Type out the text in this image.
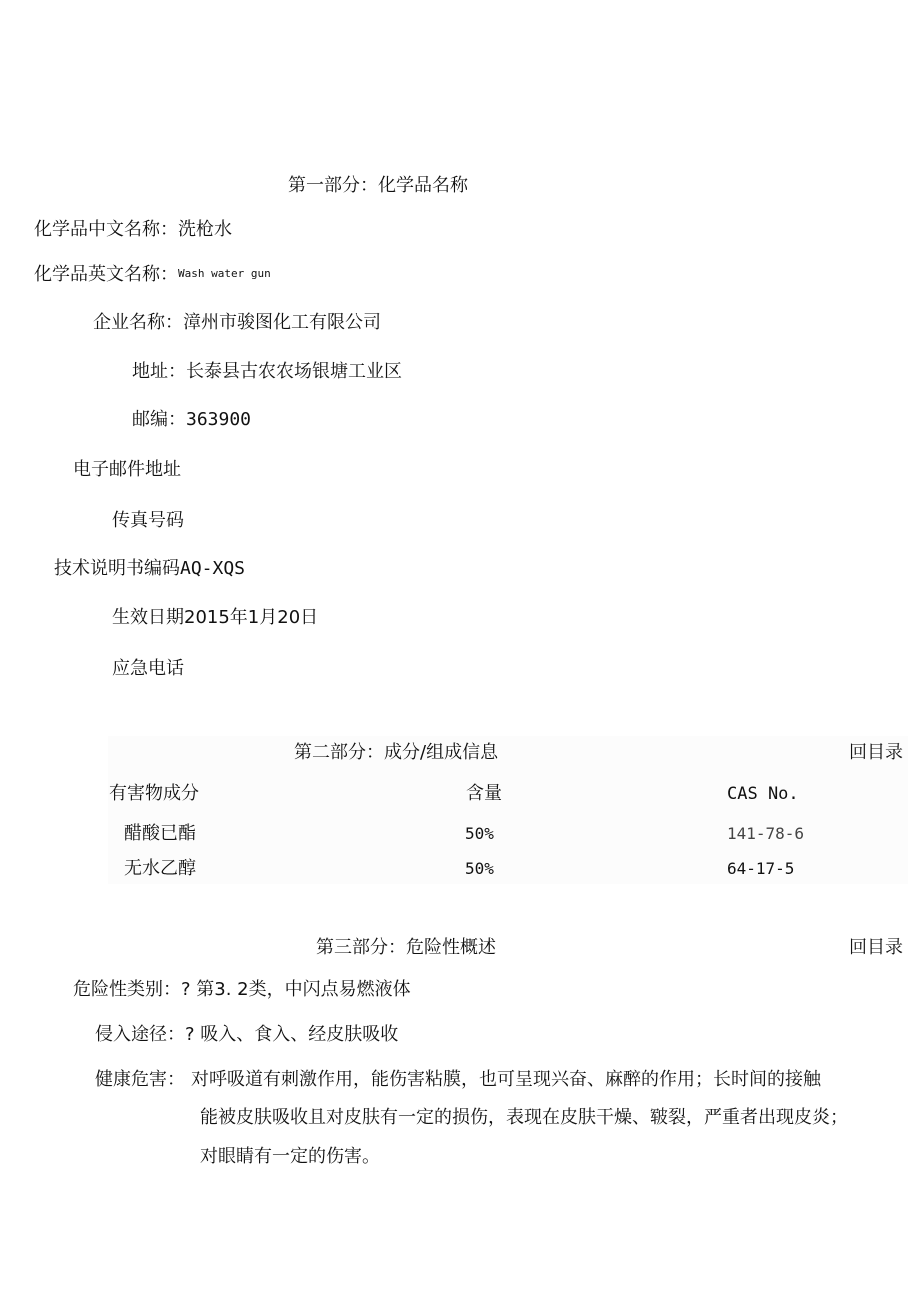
第一部分：化学品名称
化学品中文名称：洗枪水
化学品英文名称：Wash water gun
企业名称：漳州市骏图化工有限公司
地址：长泰县古农农场银塘工业区
邮编：363900
电子邮件地址
传真号码
技术说明书编码AQ-XQS
生效日期2015年1月20日
应急电话
第二部分：成分/组成信息	回目录
有害物成分	含量	CAS No.
醋酸已酯	50%	141-78-6
无水乙醇	50%	64-17-5
第三部分：危险性概述	回目录
危险性类别：? 第3. 2类，中闪点易燃液体
侵入途径：? 吸入、食入、经皮肤吸收
健康危害： 对呼吸道有刺激作用，能伤害粘膜，也可呈现兴奋、麻醉的作用；长时间的接触
能被皮肤吸收且对皮肤有一定的损伤，表现在皮肤干燥、皲裂，严重者出现皮炎；
对眼睛有一定的伤害。
